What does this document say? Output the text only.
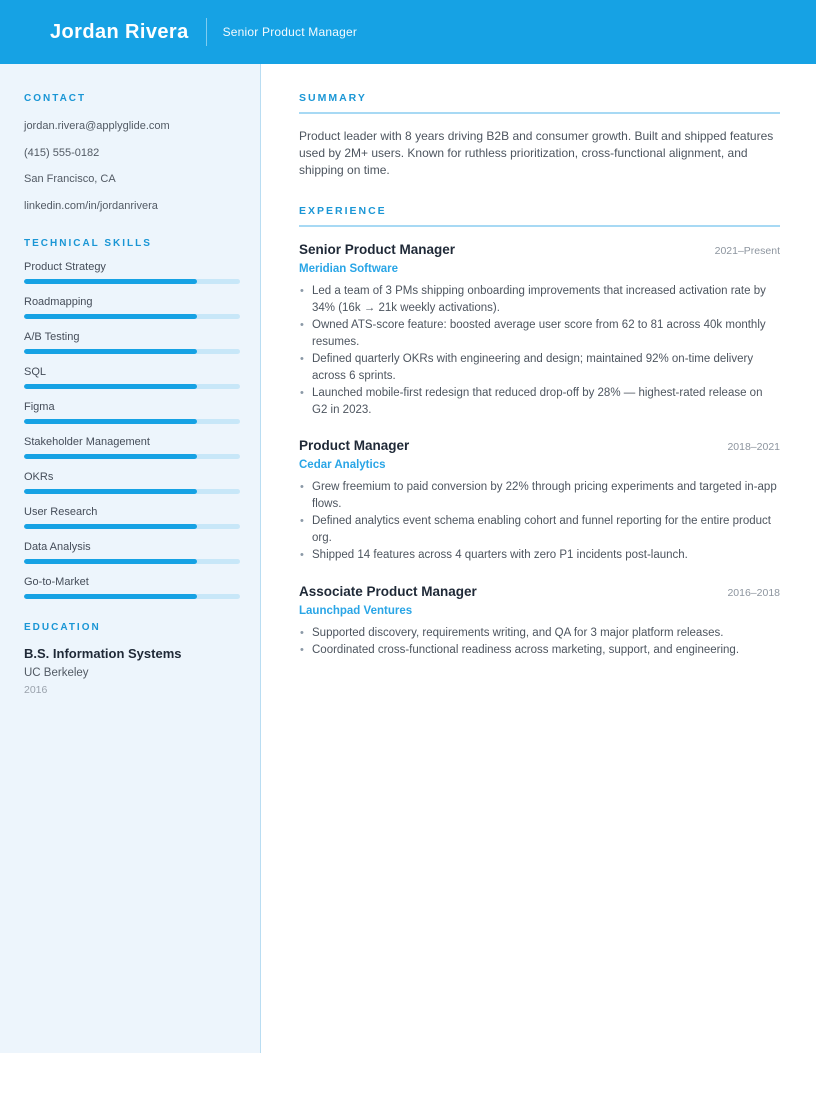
Jordan Rivera	Senior Product Manager
CONTACT
jordan.rivera@applyglide.com
(415) 555-0182
San Francisco, CA
linkedin.com/in/jordanrivera
TECHNICAL SKILLS
Product Strategy
Roadmapping
A/B Testing
SQL
Figma
Stakeholder Management
OKRs
User Research
Data Analysis
Go-to-Market
EDUCATION
B.S. Information Systems
UC Berkeley
2016
SUMMARY

Product leader with 8 years driving B2B and consumer growth. Built and shipped features used by 2M+ users. Known for ruthless prioritization, cross-functional alignment, and shipping on time.

EXPERIENCE
Senior Product Manager	2021–Present
Meridian Software
• Led a team of 3 PMs shipping onboarding improvements that increased activation rate by 34% (16k → 21k weekly activations).
• Owned ATS-score feature: boosted average user score from 62 to 81 across 40k monthly resumes.
• Defined quarterly OKRs with engineering and design; maintained 92% on-time delivery across 6 sprints.
• Launched mobile-first redesign that reduced drop-off by 28% — highest-rated release on G2 in 2023.
Product Manager	2018–2021
Cedar Analytics
• Grew freemium to paid conversion by 22% through pricing experiments and targeted in-app flows.
• Defined analytics event schema enabling cohort and funnel reporting for the entire product org.
• Shipped 14 features across 4 quarters with zero P1 incidents post-launch.
Associate Product Manager	2016–2018
Launchpad Ventures
• Supported discovery, requirements writing, and QA for 3 major platform releases.
• Coordinated cross-functional readiness across marketing, support, and engineering.
